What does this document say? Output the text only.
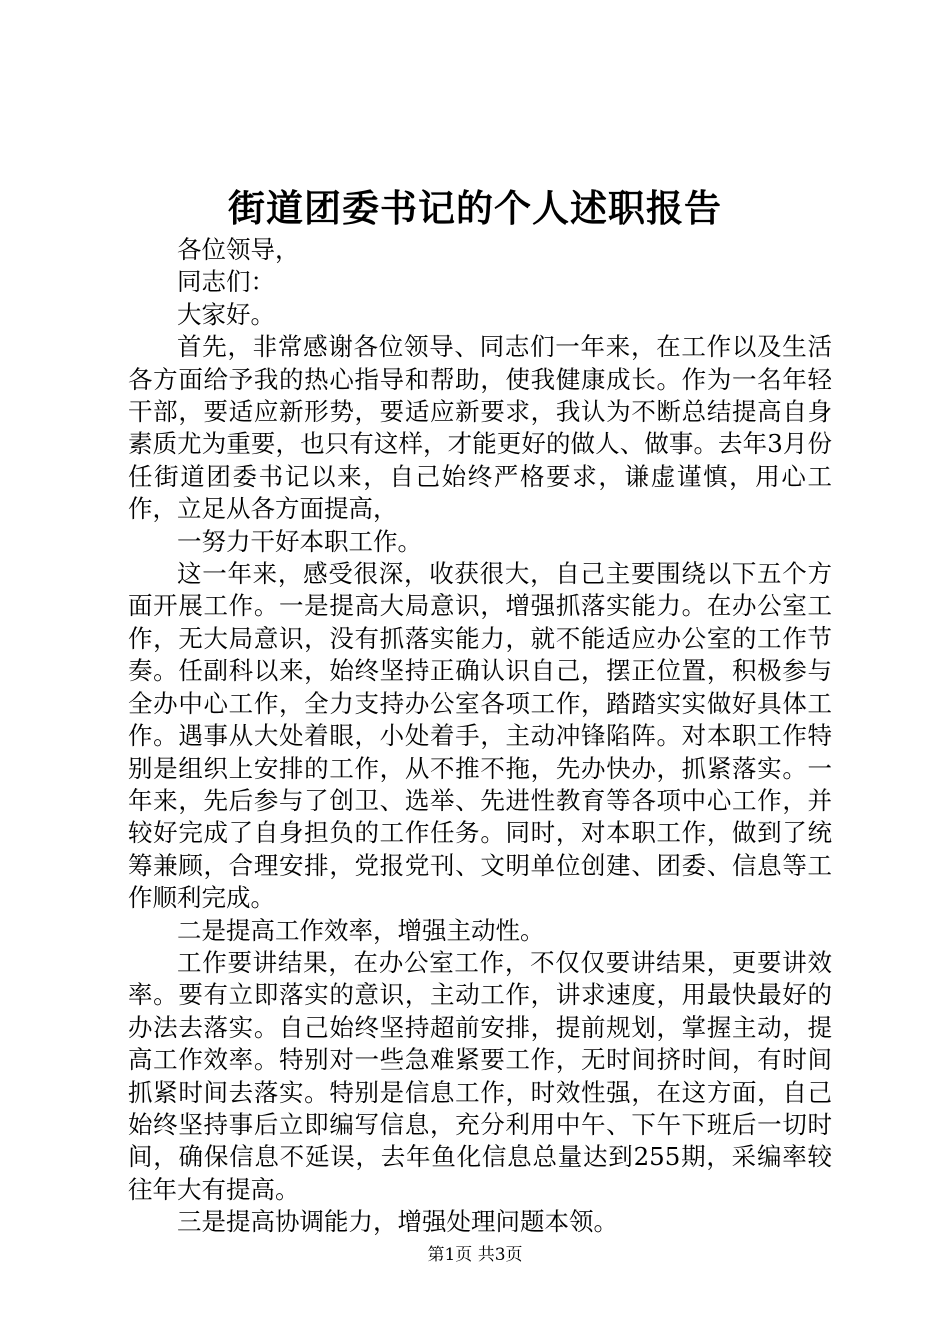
街道团委书记的个人述职报告

各位领导，

同志们：

大家好。

首先，非常感谢各位领导、同志们一年来，在工作以及生活各方面给予我的热心指导和帮助，使我健康成长。作为一名年轻干部，要适应新形势，要适应新要求，我认为不断总结提高自身素质尤为重要，也只有这样，才能更好的做人、做事。去年3月份任街道团委书记以来，自己始终严格要求，谦虚谨慎，用心工作，立足从各方面提高，

一努力干好本职工作。

这一年来，感受很深，收获很大，自己主要围绕以下五个方面开展工作。一是提高大局意识，增强抓落实能力。在办公室工作，无大局意识，没有抓落实能力，就不能适应办公室的工作节奏。任副科以来，始终坚持正确认识自己，摆正位置，积极参与全办中心工作，全力支持办公室各项工作，踏踏实实做好具体工作。遇事从大处着眼，小处着手，主动冲锋陷阵。对本职工作特别是组织上安排的工作，从不推不拖，先办快办，抓紧落实。一年来，先后参与了创卫、选举、先进性教育等各项中心工作，并较好完成了自身担负的工作任务。同时，对本职工作，做到了统筹兼顾，合理安排，党报党刊、文明单位创建、团委、信息等工作顺利完成。

二是提高工作效率，增强主动性。

工作要讲结果，在办公室工作，不仅仅要讲结果，更要讲效率。要有立即落实的意识，主动工作，讲求速度，用最快最好的办法去落实。自己始终坚持超前安排，提前规划，掌握主动，提高工作效率。特别对一些急难紧要工作，无时间挤时间，有时间抓紧时间去落实。特别是信息工作，时效性强，在这方面，自己始终坚持事后立即编写信息，充分利用中午、下午下班后一切时间，确保信息不延误，去年鱼化信息总量达到255期，采编率较往年大有提高。

三是提高协调能力，增强处理问题本领。

第1页 共3页
